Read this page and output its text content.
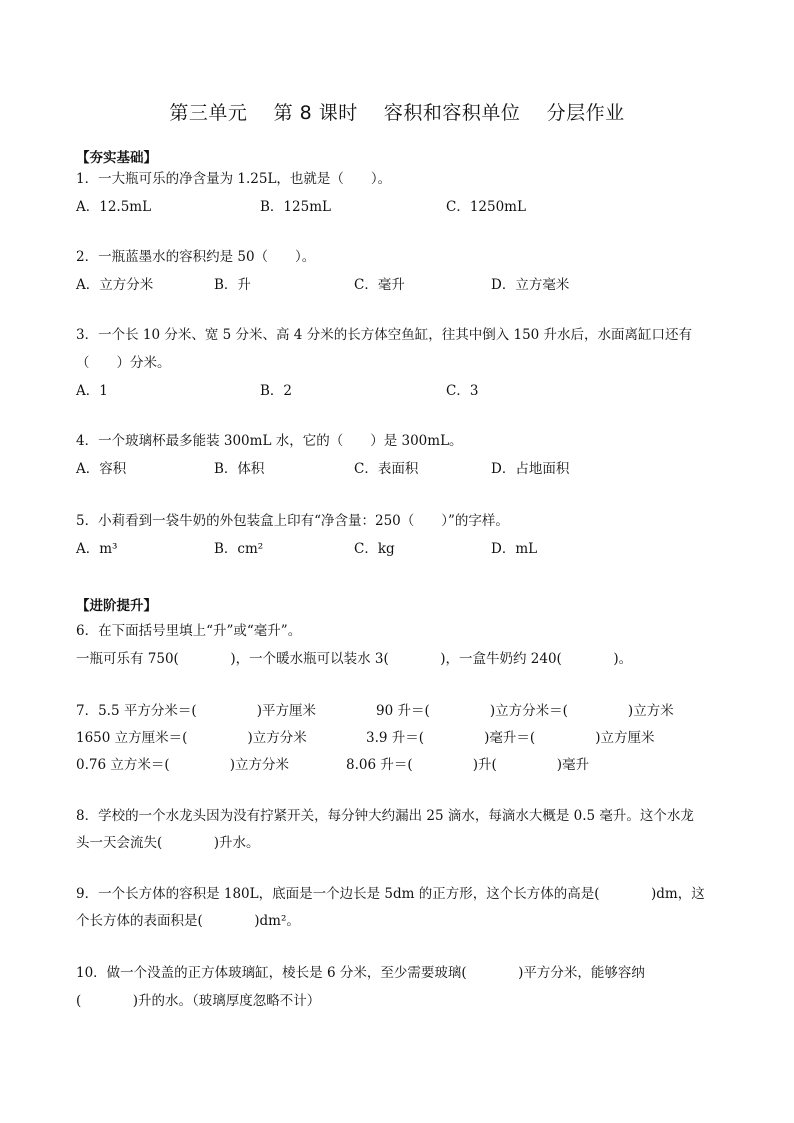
第三单元    第 8 课时    容积和容积单位    分层作业
【夯实基础】
1．一大瓶可乐的净含量为 1.25L，也就是（　　）。
A．12.5mL	B．125mL	C．1250mL
2．一瓶蓝墨水的容积约是 50（　　）。
A．立方分米	B．升	C．毫升	D．立方毫米
3．一个长 10 分米、宽 5 分米、高 4 分米的长方体空鱼缸，往其中倒入 150 升水后，水面离缸口还有
（　　）分米。
A．1	B．2	C．3
4．一个玻璃杯最多能装 300mL 水，它的（　　）是 300mL。
A．容积	B．体积	C．表面积	D．占地面积
5．小莉看到一袋牛奶的外包装盒上印有“净含量：250（　　）”的字样。
A．m³	B．cm²	C．kg	D．mL
【进阶提升】
6．在下面括号里填上“升”或“毫升”。
一瓶可乐有 750(            )，一个暖水瓶可以装水 3(            )，一盒牛奶约 240(            )。
7．5.5 平方分米＝(              )平方厘米	90 升＝(              )立方分米＝(              )立方米
1650 立方厘米＝(              )立方分米	3.9 升＝(              )毫升＝(              )立方厘米
0.76 立方米＝(              )立方分米	8.06 升＝(              )升(              )毫升
8．学校的一个水龙头因为没有拧紧开关，每分钟大约漏出 25 滴水，每滴水大概是 0.5 毫升。这个水龙
头一天会流失(            )升水。
9．一个长方体的容积是 180L，底面是一个边长是 5dm 的正方形，这个长方体的高是(            )dm，这
个长方体的表面积是(            )dm²。
10．做一个没盖的正方体玻璃缸，棱长是 6 分米，至少需要玻璃(            )平方分米，能够容纳
(            )升的水。（玻璃厚度忽略不计）
